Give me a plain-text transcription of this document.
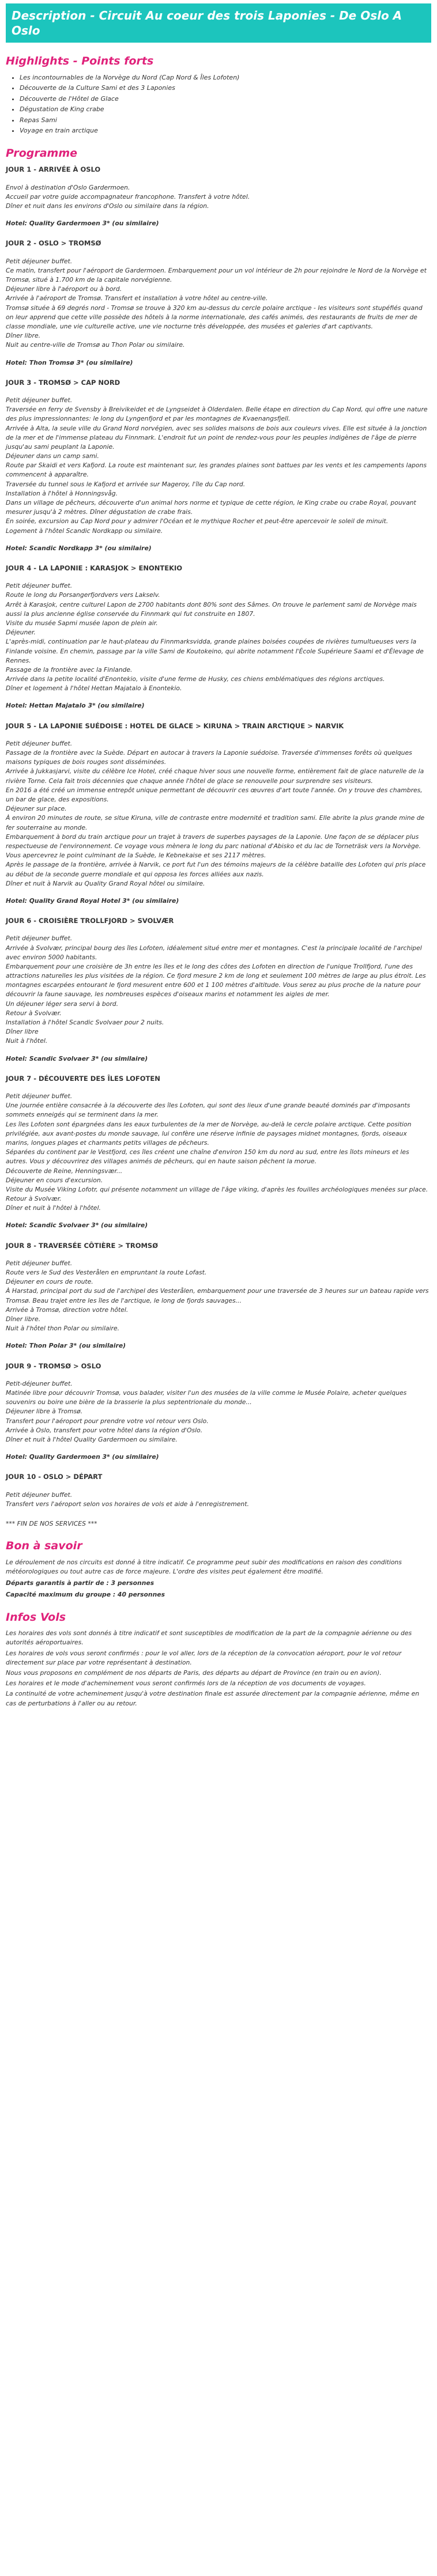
Description - Circuit Au coeur des trois Laponies - De Oslo A Oslo
Highlights - Points forts
• Les incontournables de la Norvège du Nord (Cap Nord & Îles Lofoten)
• Découverte de la Culture Sami et des 3 Laponies
• Découverte de l'Hôtel de Glace
• Dégustation de King crabe
• Repas Sami
• Voyage en train arctique
Programme
JOUR 1 - ARRIVÉE À OSLO

Envol à destination d'Oslo Gardermoen.

Accueil par votre guide accompagnateur francophone. Transfert à votre hôtel.

Dîner et nuit dans les environs d'Oslo ou similaire dans la région.

Hotel: Quality Gardermoen 3* (ou similaire)

JOUR 2 - OSLO > TROMSØ

Petit déjeuner buffet.

Ce matin, transfert pour l'aéroport de Gardermoen. Embarquement pour un vol intérieur de 2h pour rejoindre le Nord de la Norvège et Tromsø, situé à 1.700 km de la capitale norvégienne.

Déjeuner libre à l'aéroport ou à bord.

Arrivée à l'aéroport de Tromsø. Transfert et installation à votre hôtel au centre-ville.

Tromsø située à 69 degrés nord - Tromsø se trouve à 320 km au-dessus du cercle polaire arctique - les visiteurs sont stupéfiés quand on leur apprend que cette ville possède des hôtels à la norme internationale, des cafés animés, des restaurants de fruits de mer de classe mondiale, une vie culturelle active, une vie nocturne très développée, des musées et galeries d'art captivants.

Dîner libre.

Nuit au centre-ville de Tromsø au Thon Polar ou similaire.

Hotel: Thon Tromsø 3* (ou similaire)

JOUR 3 - TROMSØ > CAP NORD

Petit déjeuner buffet.

Traversée en ferry de Svensby à Breivikeidet et de Lyngseidet à Olderdalen. Belle étape en direction du Cap Nord, qui offre une nature des plus impressionnantes: le long du Lyngenfjord et par les montagnes de Kvaenangsfjell.

Arrivée à Alta, la seule ville du Grand Nord norvégien, avec ses solides maisons de bois aux couleurs vives. Elle est située à la jonction de la mer et de l'immense plateau du Finnmark. L'endroit fut un point de rendez-vous pour les peuples indigènes de l'âge de pierre jusqu'au sami peuplant la Laponie.

Déjeuner dans un camp sami.

Route par Skaidi et vers Kafjord. La route est maintenant sur, les grandes plaines sont battues par les vents et les campements lapons commencent à apparaître.

Traversée du tunnel sous le Kafjord et arrivée sur Mageroy, l'île du Cap nord.

Installation à l'hôtel à Honningsvåg.

Dans un village de pêcheurs, découverte d'un animal hors norme et typique de cette région, le King crabe ou crabe Royal, pouvant mesurer jusqu'à 2 mètres. Dîner dégustation de crabe frais.

En soirée, excursion au Cap Nord pour y admirer l'Océan et le mythique Rocher et peut-être apercevoir le soleil de minuit.

Logement à l'hôtel Scandic Nordkapp ou similaire.

Hotel: Scandic Nordkapp 3* (ou similaire)

JOUR 4 - LA LAPONIE : KARASJOK > ENONTEKIO

Petit déjeuner buffet.

Route le long du Porsangerfjordvers vers Lakselv.

Arrêt à Karasjok, centre culturel Lapon de 2700 habitants dont 80% sont des Sâmes. On trouve le parlement sami de Norvège mais aussi la plus ancienne église conservée du Finnmark qui fut construite en 1807.

Visite du musée Sapmi musée lapon de plein air.

Déjeuner.

L'après-midi, continuation par le haut-plateau du Finnmarksvidda, grande plaines boisées coupées de rivières tumultueuses vers la Finlande voisine. En chemin, passage par la ville Sami de Koutokeino, qui abrite notamment l'École Supérieure Saami et d'Élevage de Rennes.

Passage de la frontière avec la Finlande.

Arrivée dans la petite localité d'Enontekio, visite d'une ferme de Husky, ces chiens emblématiques des régions arctiques.

Dîner et logement à l'hôtel Hettan Majatalo à Enontekio.

Hotel: Hettan Majatalo 3* (ou similaire)

JOUR 5 - LA LAPONIE SUÉDOISE : HOTEL DE GLACE > KIRUNA > TRAIN ARCTIQUE > NARVIK

Petit déjeuner buffet.

Passage de la frontière avec la Suède. Départ en autocar à travers la Laponie suédoise. Traversée d'immenses forêts où quelques maisons typiques de bois rouges sont disséminées.

Arrivée à Jukkasjarvi, visite du célèbre Ice Hotel, créé chaque hiver sous une nouvelle forme, entièrement fait de glace naturelle de la rivière Torne. Cela fait trois décennies que chaque année l'hôtel de glace se renouvelle pour surprendre ses visiteurs.

En 2016 a été créé un immense entrepôt unique permettant de découvrir ces œuvres d'art toute l'année. On y trouve des chambres, un bar de glace, des expositions.

Déjeuner sur place.

À environ 20 minutes de route, se situe Kiruna, ville de contraste entre modernité et tradition sami. Elle abrite la plus grande mine de fer souterraine au monde.

Embarquement à bord du train arctique pour un trajet à travers de superbes paysages de la Laponie. Une façon de se déplacer plus respectueuse de l'environnement. Ce voyage vous mènera le long du parc national d'Abisko et du lac de Torneträsk vers la Norvège. Vous apercevrez le point culminant de la Suède, le Kebnekaise et ses 2117 mètres.

Après le passage de la frontière, arrivée à Narvik, ce port fut l'un des témoins majeurs de la célèbre bataille des Lofoten qui pris place au début de la seconde guerre mondiale et qui opposa les forces alliées aux nazis.

Dîner et nuit à Narvik au Quality Grand Royal hôtel ou similaire.

Hotel: Quality Grand Royal Hotel 3* (ou similaire)

JOUR 6 - CROISIÈRE TROLLFJORD > SVOLVÆR

Petit déjeuner buffet.

Arrivée à Svolvær, principal bourg des îles Lofoten, idéalement situé entre mer et montagnes. C'est la principale localité de l'archipel avec environ 5000 habitants.

Embarquement pour une croisière de 3h entre les îles et le long des côtes des Lofoten en direction de l'unique Trollfjord, l'une des attractions naturelles les plus visitées de la région. Ce fjord mesure 2 km de long et seulement 100 mètres de large au plus étroit. Les montagnes escarpées entourant le fjord mesurent entre 600 et 1 100 mètres d'altitude. Vous serez au plus proche de la nature pour découvrir la faune sauvage, les nombreuses espèces d'oiseaux marins et notamment les aigles de mer.

Un déjeuner léger sera servi à bord.

Retour à Svolvær.

Installation à l'hôtel Scandic Svolvaer pour 2 nuits.

Dîner libre

Nuit à l'hôtel.

Hotel: Scandic Svolvaer 3* (ou similaire)

JOUR 7 - DÉCOUVERTE DES ÎLES LOFOTEN

Petit déjeuner buffet.

Une journée entière consacrée à la découverte des îles Lofoten, qui sont des lieux d'une grande beauté dominés par d'imposants sommets enneigés qui se terminent dans la mer.

Les îles Lofoten sont épargnées dans les eaux turbulentes de la mer de Norvège, au-delà le cercle polaire arctique. Cette position privilégiée, aux avant-postes du monde sauvage, lui confère une réserve infinie de paysages midnet montagnes, fjords, oiseaux marins, longues plages et charmants petits villages de pêcheurs.

Séparées du continent par le Vestfjord, ces îles créent une chaîne d'environ 150 km du nord au sud, entre les îlots mineurs et les autres. Vous y découvrirez des villages animés de pêcheurs, qui en haute saison pêchent la morue.

Découverte de Reine, Henningsvær...

Déjeuner en cours d'excursion.

Visite du Musée Viking Lofotr, qui présente notamment un village de l'âge viking, d'après les fouilles archéologiques menées sur place.

Retour à Svolvær.

Dîner et nuit à l'hôtel à l'hôtel.

Hotel: Scandic Svolvaer 3* (ou similaire)

JOUR 8 - TRAVERSÉE CÔTIÈRE > TROMSØ

Petit déjeuner buffet.

Route vers le Sud des Vesterålen en empruntant la route Lofast.

Déjeuner en cours de route.

À Harstad, principal port du sud de l'archipel des Vesterålen, embarquement pour une traversée de 3 heures sur un bateau rapide vers Tromsø. Beau trajet entre les îles de l'arctique, le long de fjords sauvages...

Arrivée à Tromsø, direction votre hôtel.

Dîner libre.

Nuit à l'hôtel thon Polar ou similaire.

Hotel: Thon Polar 3* (ou similaire)

JOUR 9 - TROMSØ > OSLO

Petit-déjeuner buffet.

Matinée libre pour découvrir Tromsø, vous balader, visiter l'un des musées de la ville comme le Musée Polaire, acheter quelques souvenirs ou boire une bière de la brasserie la plus septentrionale du monde...

Déjeuner libre à Tromsø.

Transfert pour l'aéroport pour prendre votre vol retour vers Oslo.

Arrivée à Oslo, transfert pour votre hôtel dans la région d'Oslo.

Dîner et nuit à l'hôtel Quality Gardermoen ou similaire.

Hotel: Quality Gardermoen 3* (ou similaire)

JOUR 10 - OSLO > DÉPART

Petit déjeuner buffet.

Transfert vers l'aéroport selon vos horaires de vols et aide à l'enregistrement.

*** FIN DE NOS SERVICES ***
Bon à savoir

Le déroulement de nos circuits est donné à titre indicatif. Ce programme peut subir des modifications en raison des conditions météorologiques ou tout autre cas de force majeure. L'ordre des visites peut également être modifié.

Départs garantis à partir de : 3 personnes

Capacité maximum du groupe : 40 personnes

Infos Vols

Les horaires des vols sont donnés à titre indicatif et sont susceptibles de modification de la part de la compagnie aérienne ou des autorités aéroportuaires.

Les horaires de vols vous seront confirmés : pour le vol aller, lors de la réception de la convocation aéroport, pour le vol retour directement sur place par votre représentant à destination.

Nous vous proposons en complément de nos départs de Paris, des départs au départ de Province (en train ou en avion).

Les horaires et le mode d'acheminement vous seront confirmés lors de la réception de vos documents de voyages.

La continuité de votre acheminement jusqu'à votre destination finale est assurée directement par la compagnie aérienne, même en cas de perturbations à l'aller ou au retour.
